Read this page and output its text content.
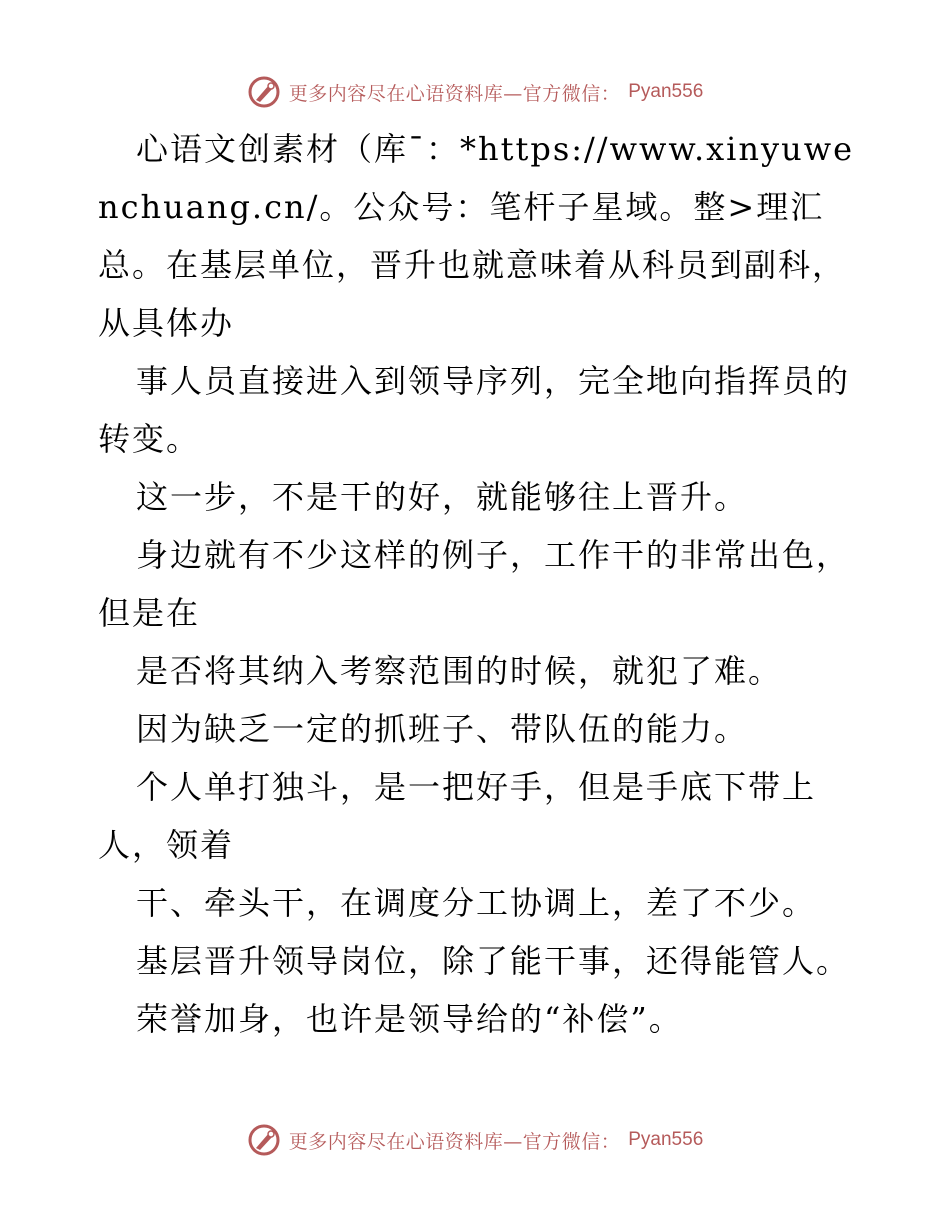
更多内容尽在心语资料库—官方微信： Pyan556

心语文创素材（库¯：*https://www.xinyuwenchuang.cn/。公众号：笔杆子星域。整>理汇总。在基层单位，晋升也就意味着从科员到副科，从具体办

事人员直接进入到领导序列，完全地向指挥员的转变。

这一步，不是干的好，就能够往上晋升。

身边就有不少这样的例子，工作干的非常出色，但是在

是否将其纳入考察范围的时候，就犯了难。

因为缺乏一定的抓班子、带队伍的能力。

个人单打独斗，是一把好手，但是手底下带上人，领着

干、牵头干，在调度分工协调上，差了不少。

基层晋升领导岗位，除了能干事，还得能管人。

荣誉加身，也许是领导给的“补偿”。

更多内容尽在心语资料库—官方微信： Pyan556
